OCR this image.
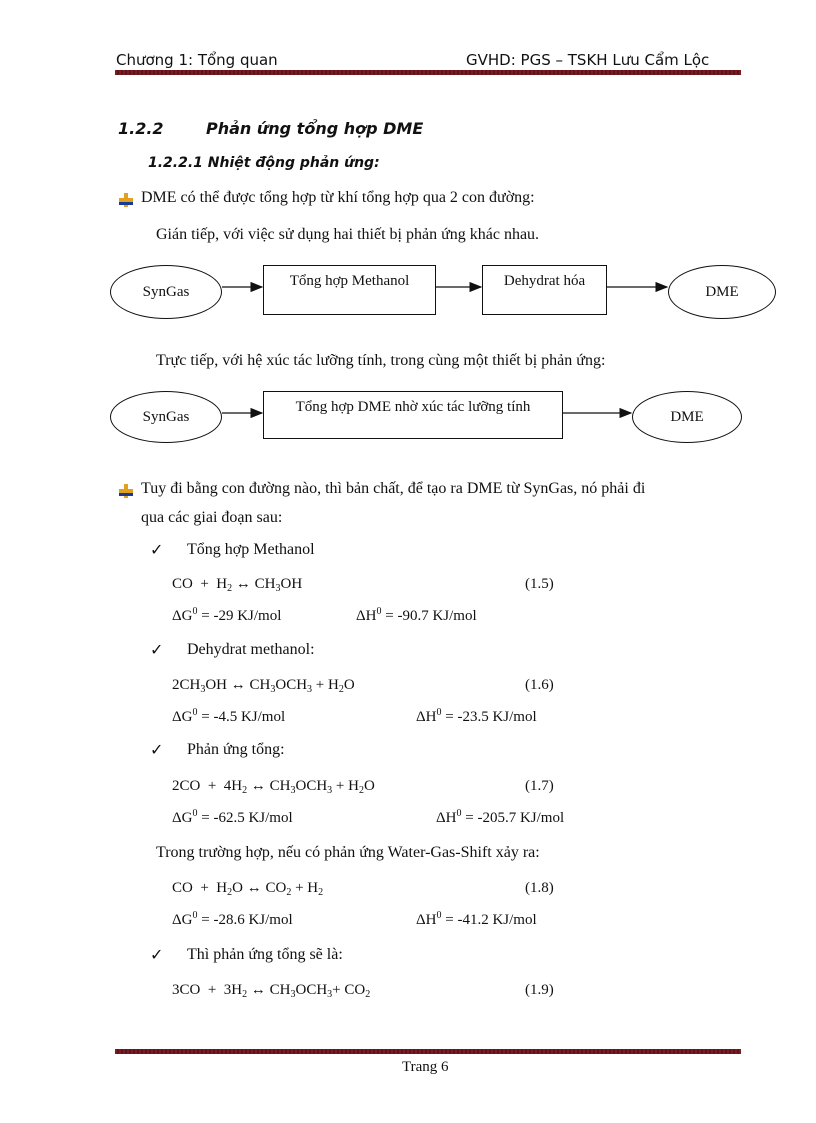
Chương 1: Tổng quan	GVHD: PGS – TSKH Lưu Cẩm Lộc
1.2.2	Phản ứng tổng hợp DME
1.2.2.1 Nhiệt động phản ứng:
DME có thể được tổng hợp từ khí tổng hợp qua 2 con đường:
Gián tiếp, với việc sử dụng hai thiết bị phản ứng khác nhau.
SynGas
Tổng hợp Methanol	Dehydrat hóa
DME
Trực tiếp, với hệ xúc tác lưỡng tính, trong cùng một thiết bị phản ứng:
SynGas
Tổng hợp DME nhờ xúc tác lưỡng tính
DME
Tuy đi bằng con đường nào, thì bản chất, để tạo ra DME từ SynGas, nó phải đi
qua các giai đoạn sau:
✓ Tổng hợp Methanol
CO  +  $H_2$ ↔ $CH_3OH$	(1.5)
$\Delta G^0 = -29$ KJ/mol	$\Delta H^0 = -90.7$ KJ/mol
✓ Dehydrat methanol:
$2CH_3OH$ ↔ $CH_3OCH_3 + H_2O$	(1.6)
$\Delta G^0 = -4.5$ KJ/mol	$\Delta H^0 = -23.5$ KJ/mol
✓ Phản ứng tổng:
$2CO + 4H_2$ ↔ $CH_3OCH_3 + H_2O$	(1.7)
$\Delta G^0 = -62.5$ KJ/mol	$\Delta H^0 = -205.7$ KJ/mol
Trong trường hợp, nếu có phản ứng Water-Gas-Shift xảy ra:
CO  +  $H_2O$ ↔ $CO_2 + H_2$	(1.8)
$\Delta G^0 = -28.6$ KJ/mol	$\Delta H^0 = -41.2$ KJ/mol
✓ Thì phản ứng tổng sẽ là:
$3CO + 3H_2$ ↔ $CH_3OCH_3+ CO_2$	(1.9)
Trang 6
